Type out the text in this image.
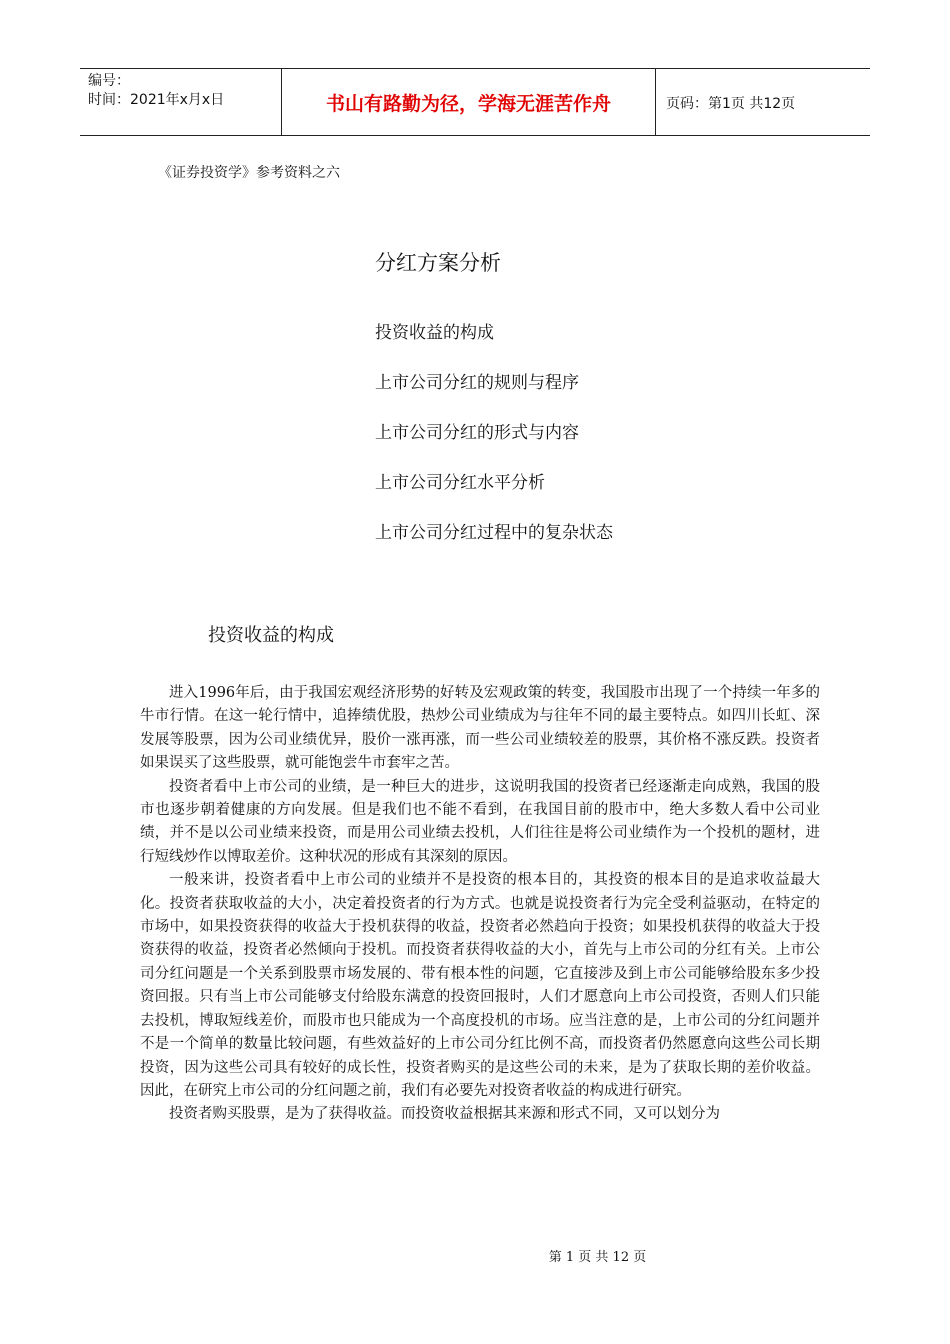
编号：
时间：2021年x月x日	书山有路勤为径，学海无涯苦作舟	页码：第1页 共12页
《证券投资学》参考资料之六
分红方案分析
投资收益的构成
上市公司分红的规则与程序
上市公司分红的形式与内容
上市公司分红水平分析
上市公司分红过程中的复杂状态
投资收益的构成

进入1996年后，由于我国宏观经济形势的好转及宏观政策的转变，我国股市出现了一个持续一年多的牛市行情。在这一轮行情中，追捧绩优股，热炒公司业绩成为与往年不同的最主要特点。如四川长虹、深发展等股票，因为公司业绩优异，股价一涨再涨，而一些公司业绩较差的股票，其价格不涨反跌。投资者如果误买了这些股票，就可能饱尝牛市套牢之苦。

投资者看中上市公司的业绩，是一种巨大的进步，这说明我国的投资者已经逐渐走向成熟，我国的股市也逐步朝着健康的方向发展。但是我们也不能不看到，在我国目前的股市中，绝大多数人看中公司业绩，并不是以公司业绩来投资，而是用公司业绩去投机，人们往往是将公司业绩作为一个投机的题材，进行短线炒作以博取差价。这种状况的形成有其深刻的原因。

一般来讲，投资者看中上市公司的业绩并不是投资的根本目的，其投资的根本目的是追求收益最大化。投资者获取收益的大小，决定着投资者的行为方式。也就是说投资者行为完全受利益驱动，在特定的市场中，如果投资获得的收益大于投机获得的收益，投资者必然趋向于投资；如果投机获得的收益大于投资获得的收益，投资者必然倾向于投机。而投资者获得收益的大小，首先与上市公司的分红有关。上市公司分红问题是一个关系到股票市场发展的、带有根本性的问题，它直接涉及到上市公司能够给股东多少投资回报。只有当上市公司能够支付给股东满意的投资回报时，人们才愿意向上市公司投资，否则人们只能去投机，博取短线差价，而股市也只能成为一个高度投机的市场。应当注意的是，上市公司的分红问题并不是一个简单的数量比较问题，有些效益好的上市公司分红比例不高，而投资者仍然愿意向这些公司长期投资，因为这些公司具有较好的成长性，投资者购买的是这些公司的未来，是为了获取长期的差价收益。因此，在研究上市公司的分红问题之前，我们有必要先对投资者收益的构成进行研究。

投资者购买股票，是为了获得收益。而投资收益根据其来源和形式不同，又可以划分为

第 1 页 共 12 页
